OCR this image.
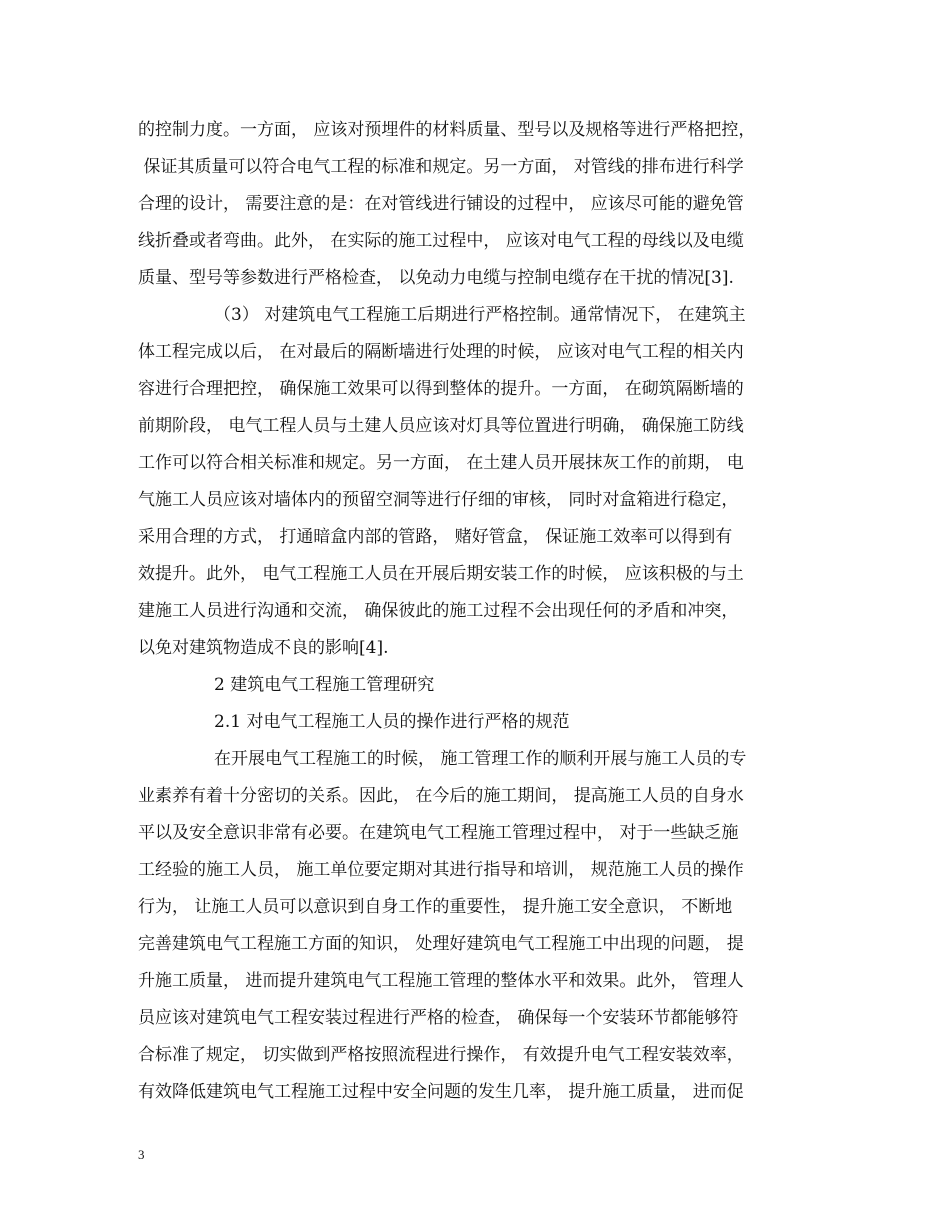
的控制力度。一方面， 应该对预埋件的材料质量、型号以及规格等进行严格把控，
保证其质量可以符合电气工程的标准和规定。另一方面， 对管线的排布进行科学
合理的设计， 需要注意的是：在对管线进行铺设的过程中， 应该尽可能的避免管
线折叠或者弯曲。此外， 在实际的施工过程中， 应该对电气工程的母线以及电缆
质量、型号等参数进行严格检查， 以免动力电缆与控制电缆存在干扰的情况[3].
（3） 对建筑电气工程施工后期进行严格控制。通常情况下， 在建筑主
体工程完成以后， 在对最后的隔断墙进行处理的时候， 应该对电气工程的相关内
容进行合理把控， 确保施工效果可以得到整体的提升。一方面， 在砌筑隔断墙的
前期阶段， 电气工程人员与土建人员应该对灯具等位置进行明确， 确保施工防线
工作可以符合相关标准和规定。另一方面， 在土建人员开展抹灰工作的前期， 电
气施工人员应该对墙体内的预留空洞等进行仔细的审核， 同时对盒箱进行稳定，
采用合理的方式， 打通暗盒内部的管路， 赌好管盒， 保证施工效率可以得到有
效提升。此外， 电气工程施工人员在开展后期安装工作的时候， 应该积极的与土
建施工人员进行沟通和交流， 确保彼此的施工过程不会出现任何的矛盾和冲突，
以免对建筑物造成不良的影响[4].
2 建筑电气工程施工管理研究
2.1 对电气工程施工人员的操作进行严格的规范
在开展电气工程施工的时候， 施工管理工作的顺利开展与施工人员的专
业素养有着十分密切的关系。因此， 在今后的施工期间， 提高施工人员的自身水
平以及安全意识非常有必要。在建筑电气工程施工管理过程中， 对于一些缺乏施
工经验的施工人员， 施工单位要定期对其进行指导和培训， 规范施工人员的操作
行为， 让施工人员可以意识到自身工作的重要性， 提升施工安全意识， 不断地
完善建筑电气工程施工方面的知识， 处理好建筑电气工程施工中出现的问题， 提
升施工质量， 进而提升建筑电气工程施工管理的整体水平和效果。此外， 管理人
员应该对建筑电气工程安装过程进行严格的检查， 确保每一个安装环节都能够符
合标准了规定， 切实做到严格按照流程进行操作， 有效提升电气工程安装效率，
有效降低建筑电气工程施工过程中安全问题的发生几率， 提升施工质量， 进而促
3
